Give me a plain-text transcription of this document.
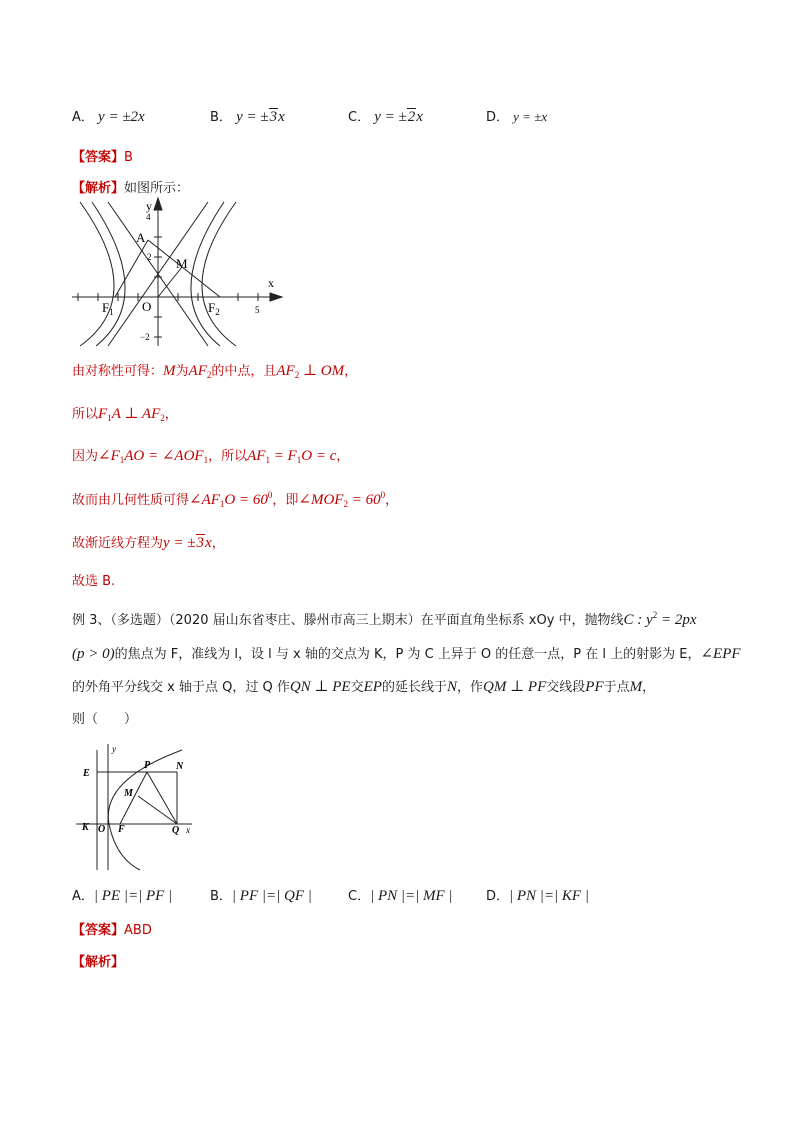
A． y = ±2x	B． y = ±3x	C． y = ±2x	D． y = ±x
【答案】B
【解析】如图所示：
y
x
A
M
$F_1$	$F_2$
O
4
2
5
−2
由对称性可得：M为$AF_2$的中点，且$AF_2$ ⊥ OM，
所以$F_1A$ ⊥ $AF_2$，
因为$\angle F_1AO$ = $\angle AOF_1$，所以$AF_1 = F_1O = c$，
故而由几何性质可得$\angle AF_1O = 60^0$，即$\angle MOF_2 = 60^0$，
故渐近线方程为y = ±3x，
故选 B.
例 3、（多选题）（2020 届山东省枣庄、滕州市高三上期末）在平面直角坐标系 xOy 中，抛物线C : $y^2 = 2px$
(p > 0)的焦点为 F，准线为 l，设 l 与 x 轴的交点为 K，P 为 C 上异于 O 的任意一点，P 在 l 上的射影为 E，∠EPF
的外角平分线交 x 轴于点 Q，过 Q 作QN ⊥ PE交EP的延长线于N，作QM ⊥ PF交线段PF于点M，
则（　　）
y
x
E
P	N
M
K O F	Q
A．| PE |=| PF |	B．| PF |=| QF |	C．| PN |=| MF |	D．| PN |=| KF |
【答案】ABD
【解析】
